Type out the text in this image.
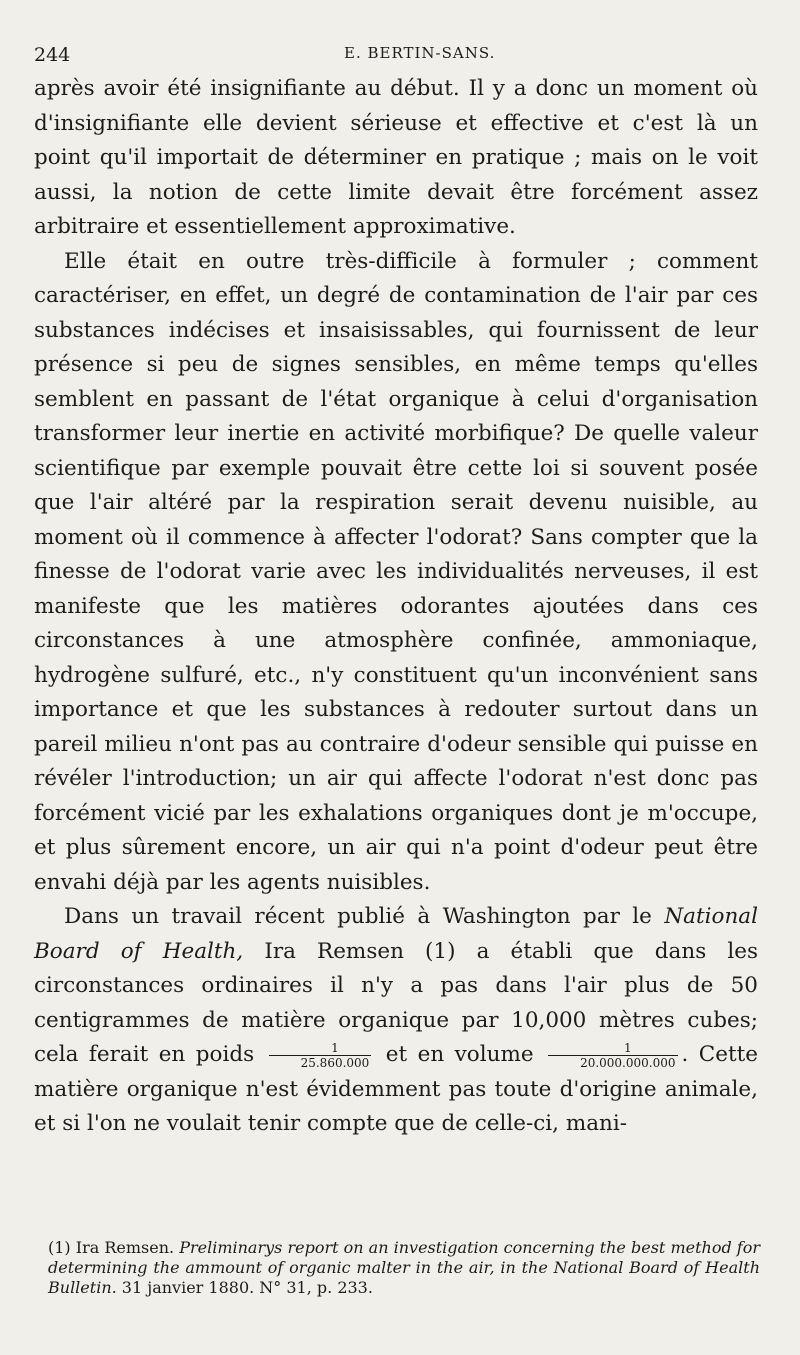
244	E. BERTIN-SANS.

après avoir été insignifiante au début. Il y a donc un moment où d'insignifiante elle devient sérieuse et effective et c'est là un point qu'il importait de déterminer en pratique ; mais on le voit aussi, la notion de cette limite devait être forcément assez arbitraire et essentiellement approximative.

Elle était en outre très-difficile à formuler ; comment caractériser, en effet, un degré de contamination de l'air par ces substances indécises et insaisissables, qui fournissent de leur présence si peu de signes sensibles, en même temps qu'elles semblent en passant de l'état organique à celui d'organisation transformer leur inertie en activité morbifique? De quelle valeur scientifique par exemple pouvait être cette loi si souvent posée que l'air altéré par la respiration serait devenu nuisible, au moment où il commence à affecter l'odorat? Sans compter que la finesse de l'odorat varie avec les individualités nerveuses, il est manifeste que les matières odorantes ajoutées dans ces circonstances à une atmosphère confinée, ammoniaque, hydrogène sulfuré, etc., n'y constituent qu'un inconvénient sans importance et que les substances à redouter surtout dans un pareil milieu n'ont pas au contraire d'odeur sensible qui puisse en révéler l'introduction; un air qui affecte l'odorat n'est donc pas forcément vicié par les exhalations organiques dont je m'occupe, et plus sûrement encore, un air qui n'a point d'odeur peut être envahi déjà par les agents nuisibles.

Dans un travail récent publié à Washington par le National Board of Health, Ira Remsen (1) a établi que dans les circonstances ordinaires il n'y a pas dans l'air plus de 50 centigrammes de matière organique par 10,000 mètres cubes; cela ferait en poids $\frac{1}{25.860.000}$ et en volume $\frac{1}{20.000.000.000}$ . Cette matière organique n'est évidemment pas toute d'origine animale, et si l'on ne voulait tenir compte que de celle-ci, mani-

(1) Ira Remsen. Preliminarys report on an investigation concerning the best method for determining the ammount of organic malter in the air, in the National Board of Health Bulletin. 31 janvier 1880. N° 31, p. 233.
